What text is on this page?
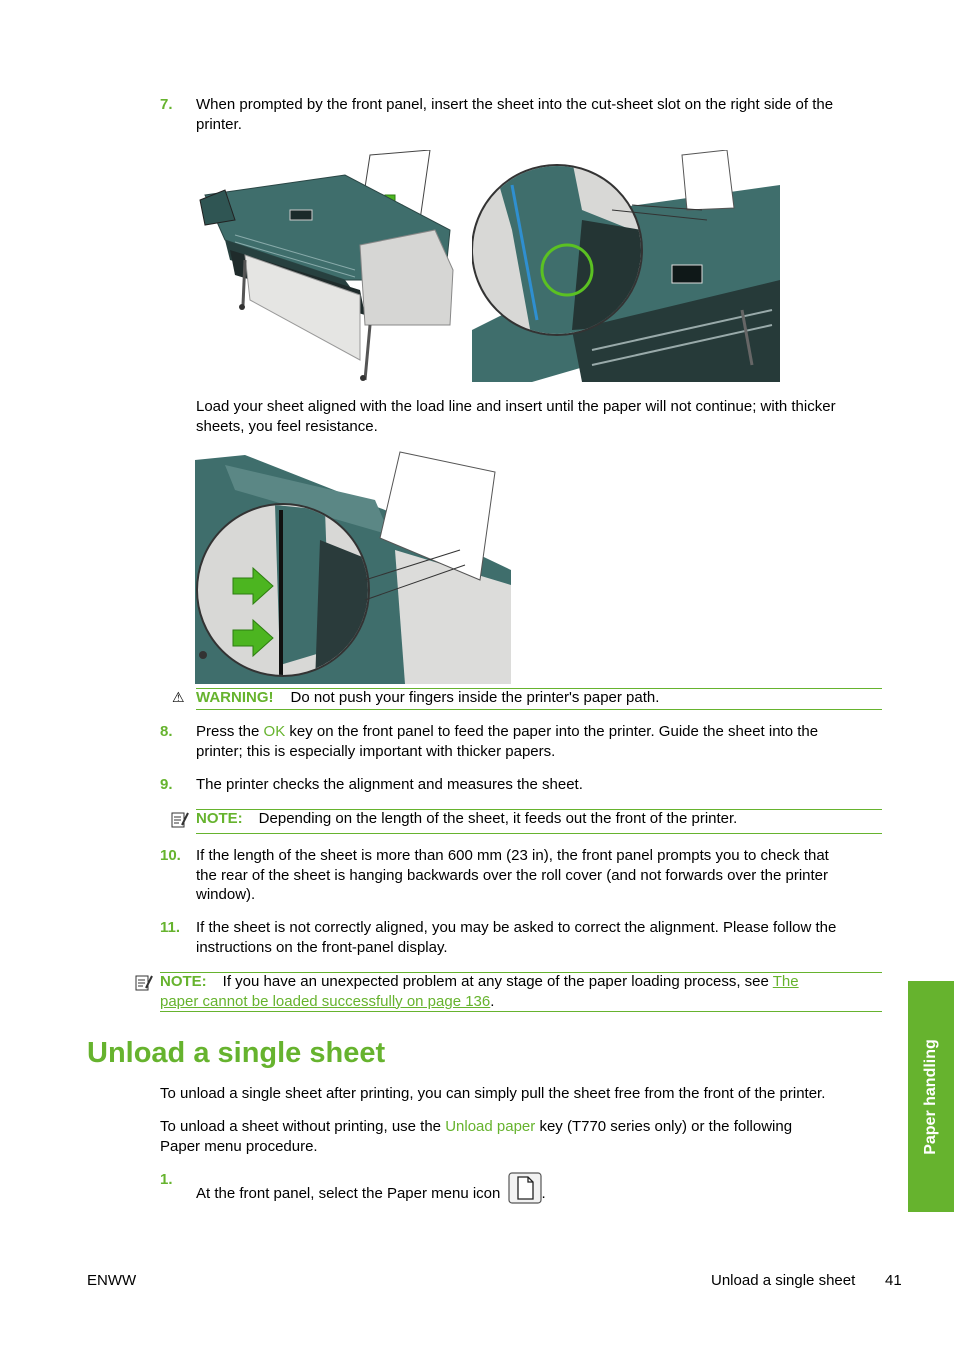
7. When prompted by the front panel, insert the sheet into the cut-sheet slot on the right side of the
printer.
Load your sheet aligned with the load line and insert until the paper will not continue; with thicker
sheets, you feel resistance.
⚠ WARNING! Do not push your fingers inside the printer's paper path.
8. Press the OK key on the front panel to feed the paper into the printer. Guide the sheet into the
printer; this is especially important with thicker papers.
9. The printer checks the alignment and measures the sheet.
NOTE: Depending on the length of the sheet, it feeds out the front of the printer.
10. If the length of the sheet is more than 600 mm (23 in), the front panel prompts you to check that
the rear of the sheet is hanging backwards over the roll cover (and not forwards over the printer
window).
11. If the sheet is not correctly aligned, you may be asked to correct the alignment. Please follow the
instructions on the front-panel display.
NOTE: If you have an unexpected problem at any stage of the paper loading process, see The
paper cannot be loaded successfully on page 136.
Unload a single sheet
To unload a single sheet after printing, you can simply pull the sheet free from the front of the printer.
To unload a sheet without printing, use the Unload paper key (T770 series only) or the following
Paper menu procedure.
1.
At the front panel, select the Paper menu icon .
Paper handling
ENWW	Unload a single sheet 41
